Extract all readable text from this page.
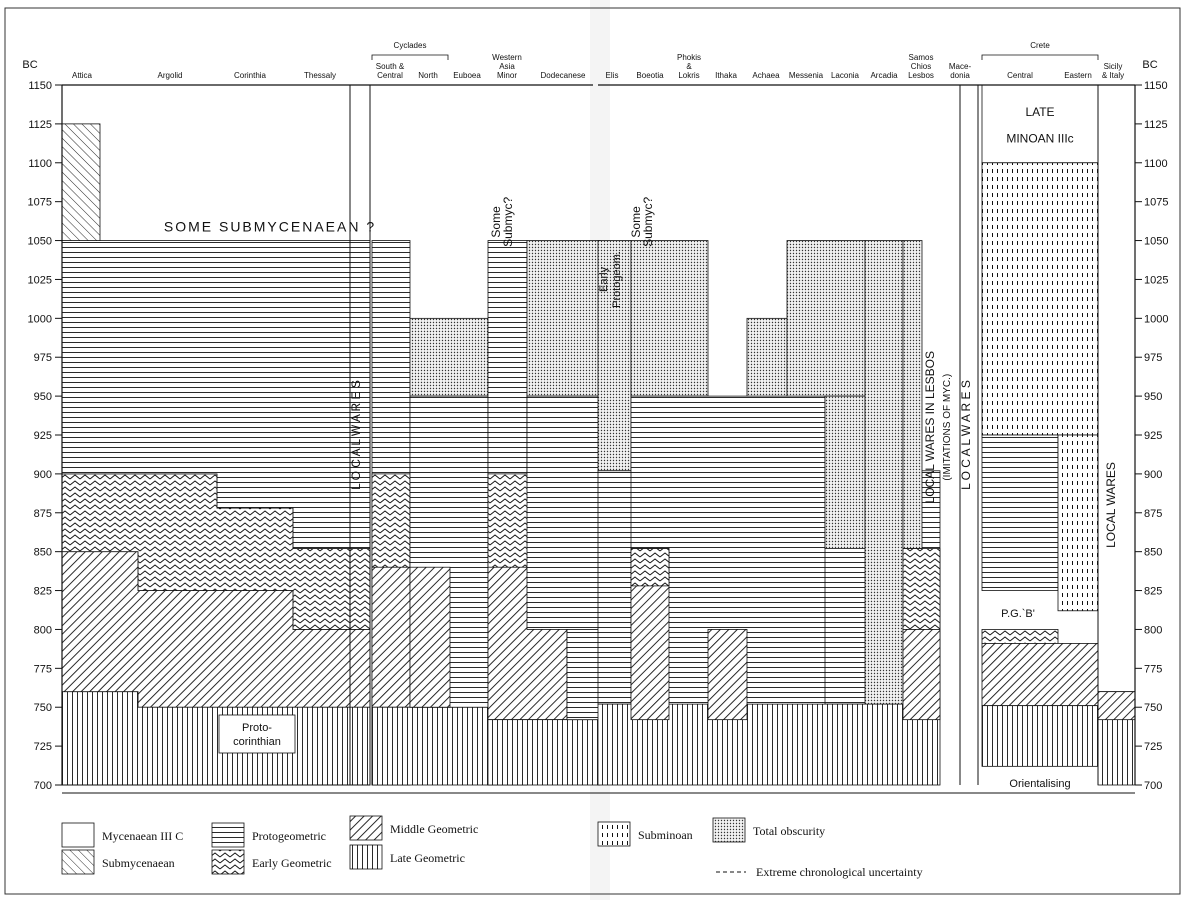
1150	1150
1125	1125
1100	1100
1075	1075
1050	1050
1025	1025
1000	1000
975	975
950	950
925	925
900	900
875	875
850	850
825	825
800	800
775	775
750	750
725	725
700	700
BC	BC
Attica	Argolid	Corinthia	Thessaly
South &
Central North Euboea
Western
Asia
Minor	Dodecanese	Elis Boeotia
Phokis
&
Lokris Ithaka Achaea Messenia Laconia Arcadia
Samos
Chios
Lesbos
Mace-
donia	Central	Eastern
Sicily
& Italy
Cyclades	Crete
SOME SUBMYCENAEAN ?
L O C A L W A R E S
Some
Submyc?	Some
Submyc?
Early Protogeom.
LOCAL WARES IN LESBOS (IMITATIONS OF MYC.) L O C A L W A R E S
LATE
MINOAN IIIc
P.G.`B'
Orientalising
LOCAL WARES
Proto-
corinthian
Mycenaean III C
Submycenaean
Protogeometric
Early Geometric
Middle Geometric
Late Geometric
Subminoan	Total obscurity
Extreme chronological uncertainty
